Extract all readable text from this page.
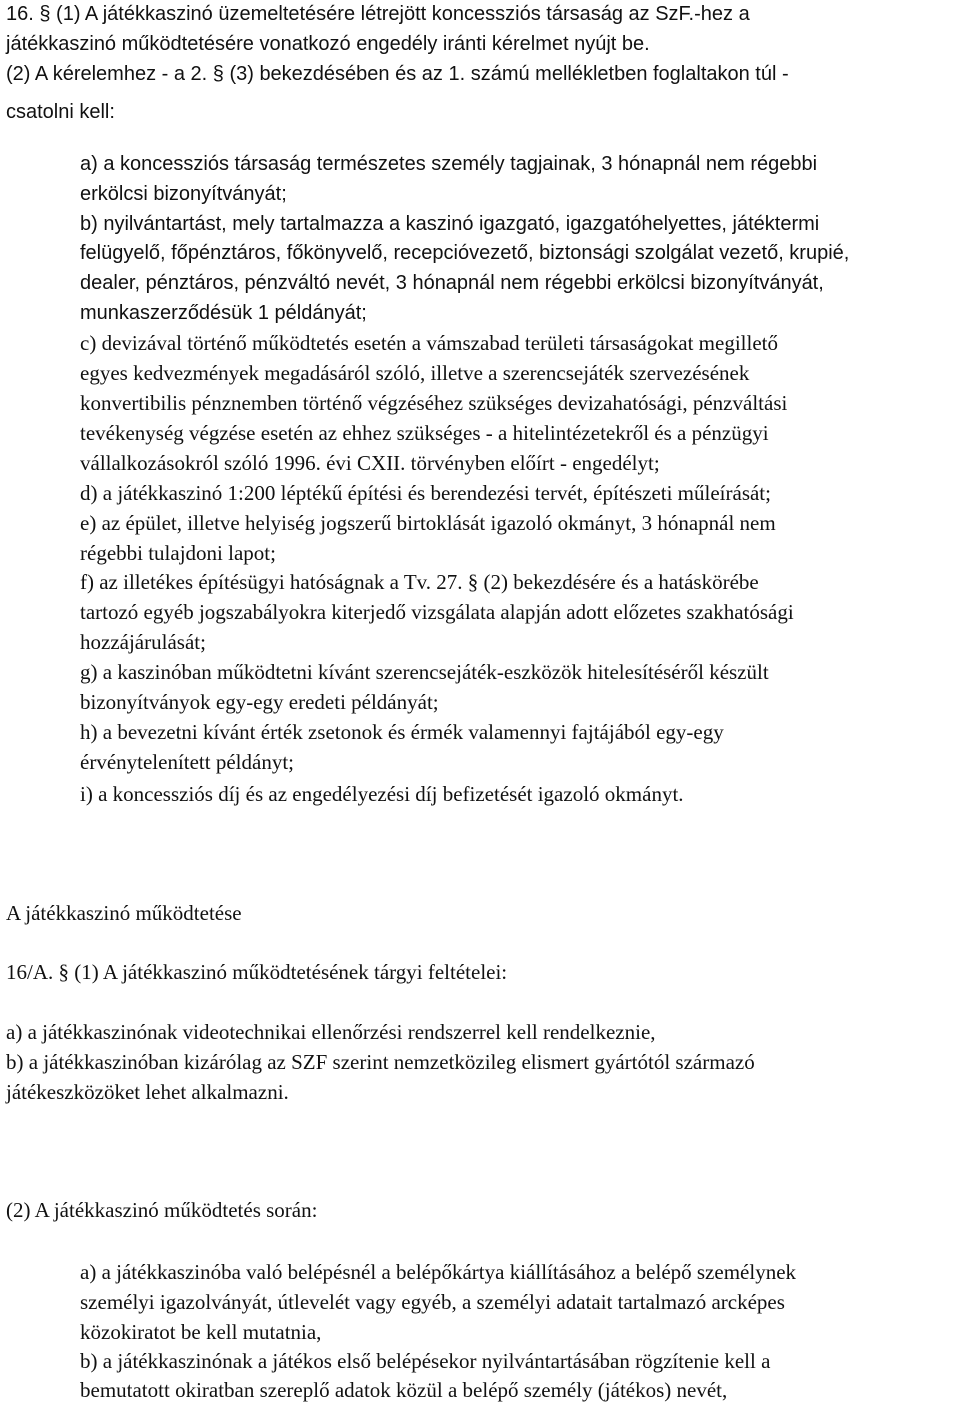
16. § (1) A játékkaszinó üzemeltetésére létrejött koncessziós társaság az SzF.-hez a
játékkaszinó működtetésére vonatkozó engedély iránti kérelmet nyújt be.
(2) A kérelemhez - a 2. § (3) bekezdésében és az 1. számú mellékletben foglaltakon túl -
csatolni kell:
a) a koncessziós társaság természetes személy tagjainak, 3 hónapnál nem régebbi
erkölcsi bizonyítványát;
b) nyilvántartást, mely tartalmazza a kaszinó igazgató, igazgatóhelyettes, játéktermi
felügyelő, főpénztáros, főkönyvelő, recepcióvezető, biztonsági szolgálat vezető, krupié,
dealer, pénztáros, pénzváltó nevét, 3 hónapnál nem régebbi erkölcsi bizonyítványát,
munkaszerződésük 1 példányát;
c) devizával történő működtetés esetén a vámszabad területi társaságokat megillető
egyes kedvezmények megadásáról szóló, illetve a szerencsejáték szervezésének
konvertibilis pénznemben történő végzéséhez szükséges devizahatósági, pénzváltási
tevékenység végzése esetén az ehhez szükséges - a hitelintézetekről és a pénzügyi
vállalkozásokról szóló 1996. évi CXII. törvényben előírt - engedélyt;
d) a játékkaszinó 1:200 léptékű építési és berendezési tervét, építészeti műleírását;
e) az épület, illetve helyiség jogszerű birtoklását igazoló okmányt, 3 hónapnál nem
régebbi tulajdoni lapot;
f) az illetékes építésügyi hatóságnak a Tv. 27. § (2) bekezdésére és a hatáskörébe
tartozó egyéb jogszabályokra kiterjedő vizsgálata alapján adott előzetes szakhatósági
hozzájárulását;
g) a kaszinóban működtetni kívánt szerencsejáték-eszközök hitelesítéséről készült
bizonyítványok egy-egy eredeti példányát;
h) a bevezetni kívánt érték zsetonok és érmék valamennyi fajtájából egy-egy
érvénytelenített példányt;
i) a koncessziós díj és az engedélyezési díj befizetését igazoló okmányt.
A játékkaszinó működtetése
16/A. § (1) A játékkaszinó működtetésének tárgyi feltételei:
a) a játékkaszinónak videotechnikai ellenőrzési rendszerrel kell rendelkeznie,
b) a játékkaszinóban kizárólag az SZF szerint nemzetközileg elismert gyártótól származó
játékeszközöket lehet alkalmazni.
(2) A játékkaszinó működtetés során:
a) a játékkaszinóba való belépésnél a belépőkártya kiállításához a belépő személynek
személyi igazolványát, útlevelét vagy egyéb, a személyi adatait tartalmazó arcképes
közokiratot be kell mutatnia,
b) a játékkaszinónak a játékos első belépésekor nyilvántartásában rögzítenie kell a
bemutatott okiratban szereplő adatok közül a belépő személy (játékos) nevét,
